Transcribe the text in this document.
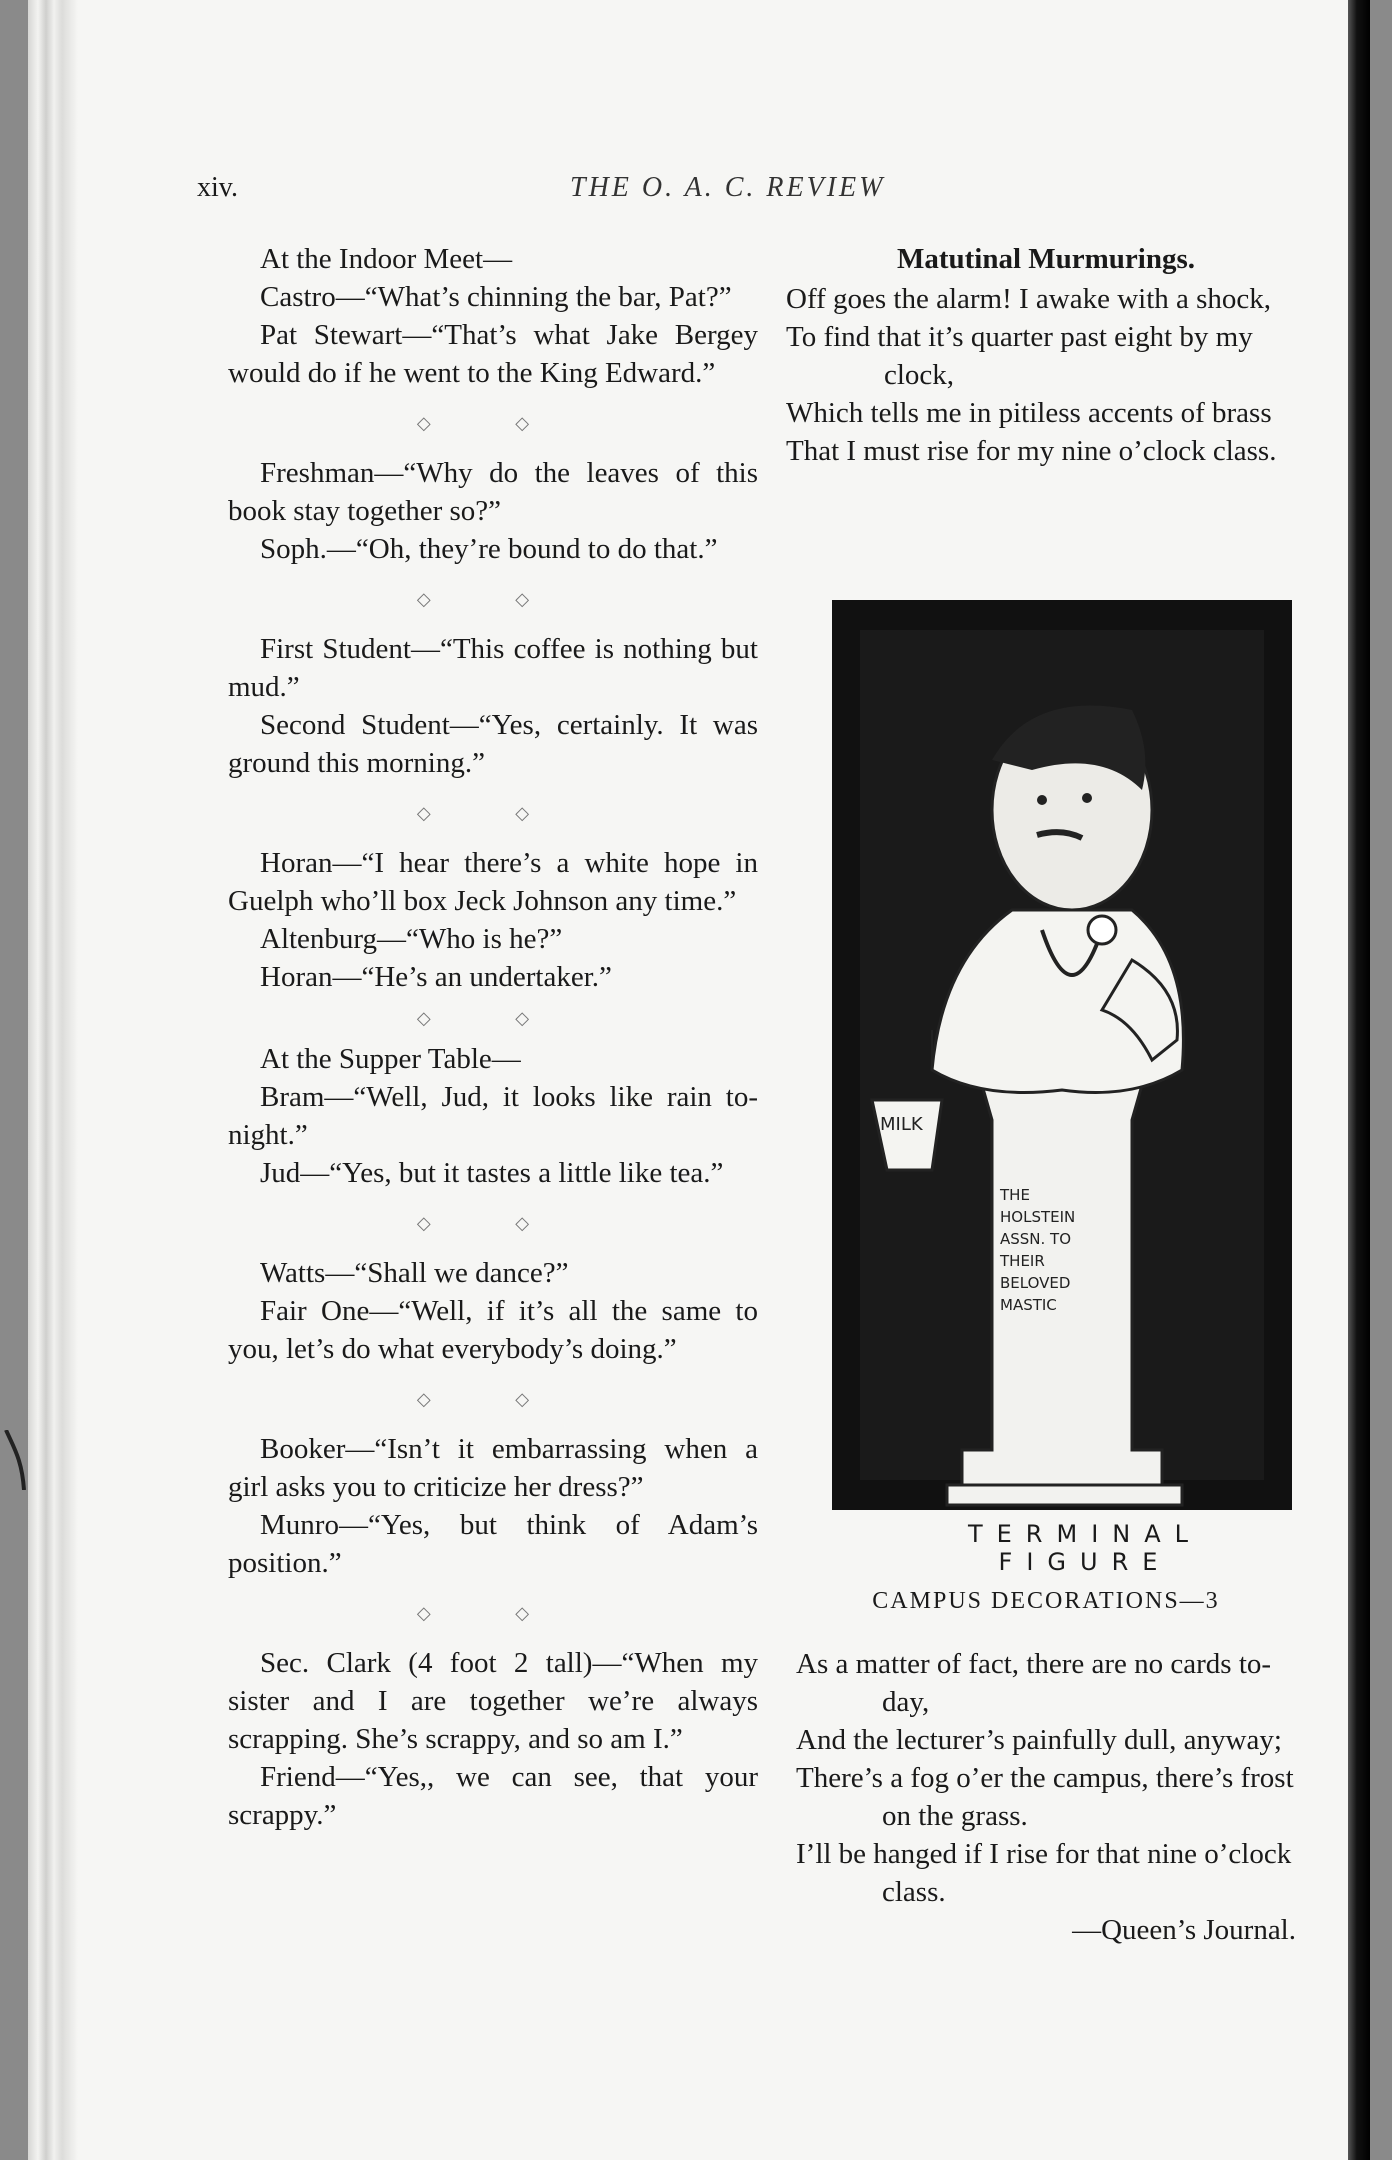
xiv.	THE O. A. C. REVIEW

At the Indoor Meet—

Castro—“What’s chinning the bar, Pat?”

Pat Stewart—“That’s what Jake Bergey would do if he went to the King Edward.”

◇ ◇

Freshman—“Why do the leaves of this book stay together so?”

Soph.—“Oh, they’re bound to do that.”

◇ ◇

First Student—“This coffee is nothing but mud.”

Second Student—“Yes, certainly. It was ground this morning.”

◇ ◇

Horan—“I hear there’s a white hope in Guelph who’ll box Jeck Johnson any time.”

Altenburg—“Who is he?”

Horan—“He’s an undertaker.”

◇ ◇

At the Supper Table—

Bram—“Well, Jud, it looks like rain to-night.”

Jud—“Yes, but it tastes a little like tea.”

◇ ◇

Watts—“Shall we dance?”

Fair One—“Well, if it’s all the same to you, let’s do what everybody’s doing.”

◇ ◇

Booker—“Isn’t it embarrassing when a girl asks you to criticize her dress?”

Munro—“Yes, but think of Adam’s position.”

◇ ◇

Sec. Clark (4 foot 2 tall)—“When my sister and I are together we’re always scrapping. She’s scrappy, and so am I.”

Friend—“Yes,, we can see, that your scrappy.”

Matutinal Murmurings.

Off goes the alarm! I awake with a shock,

To find that it’s quarter past eight by my clock,

Which tells me in pitiless accents of brass

That I must rise for my nine o’clock class.

MILK
THE
HOLSTEIN
ASSN. TO
THEIR
BELOVED
MASTIC
TERMINAL FIGURE
CAMPUS DECORATIONS—3

As a matter of fact, there are no cards to-day,

And the lecturer’s painfully dull, anyway;

There’s a fog o’er the campus, there’s frost on the grass.

I’ll be hanged if I rise for that nine o’clock class.

—Queen’s Journal.
